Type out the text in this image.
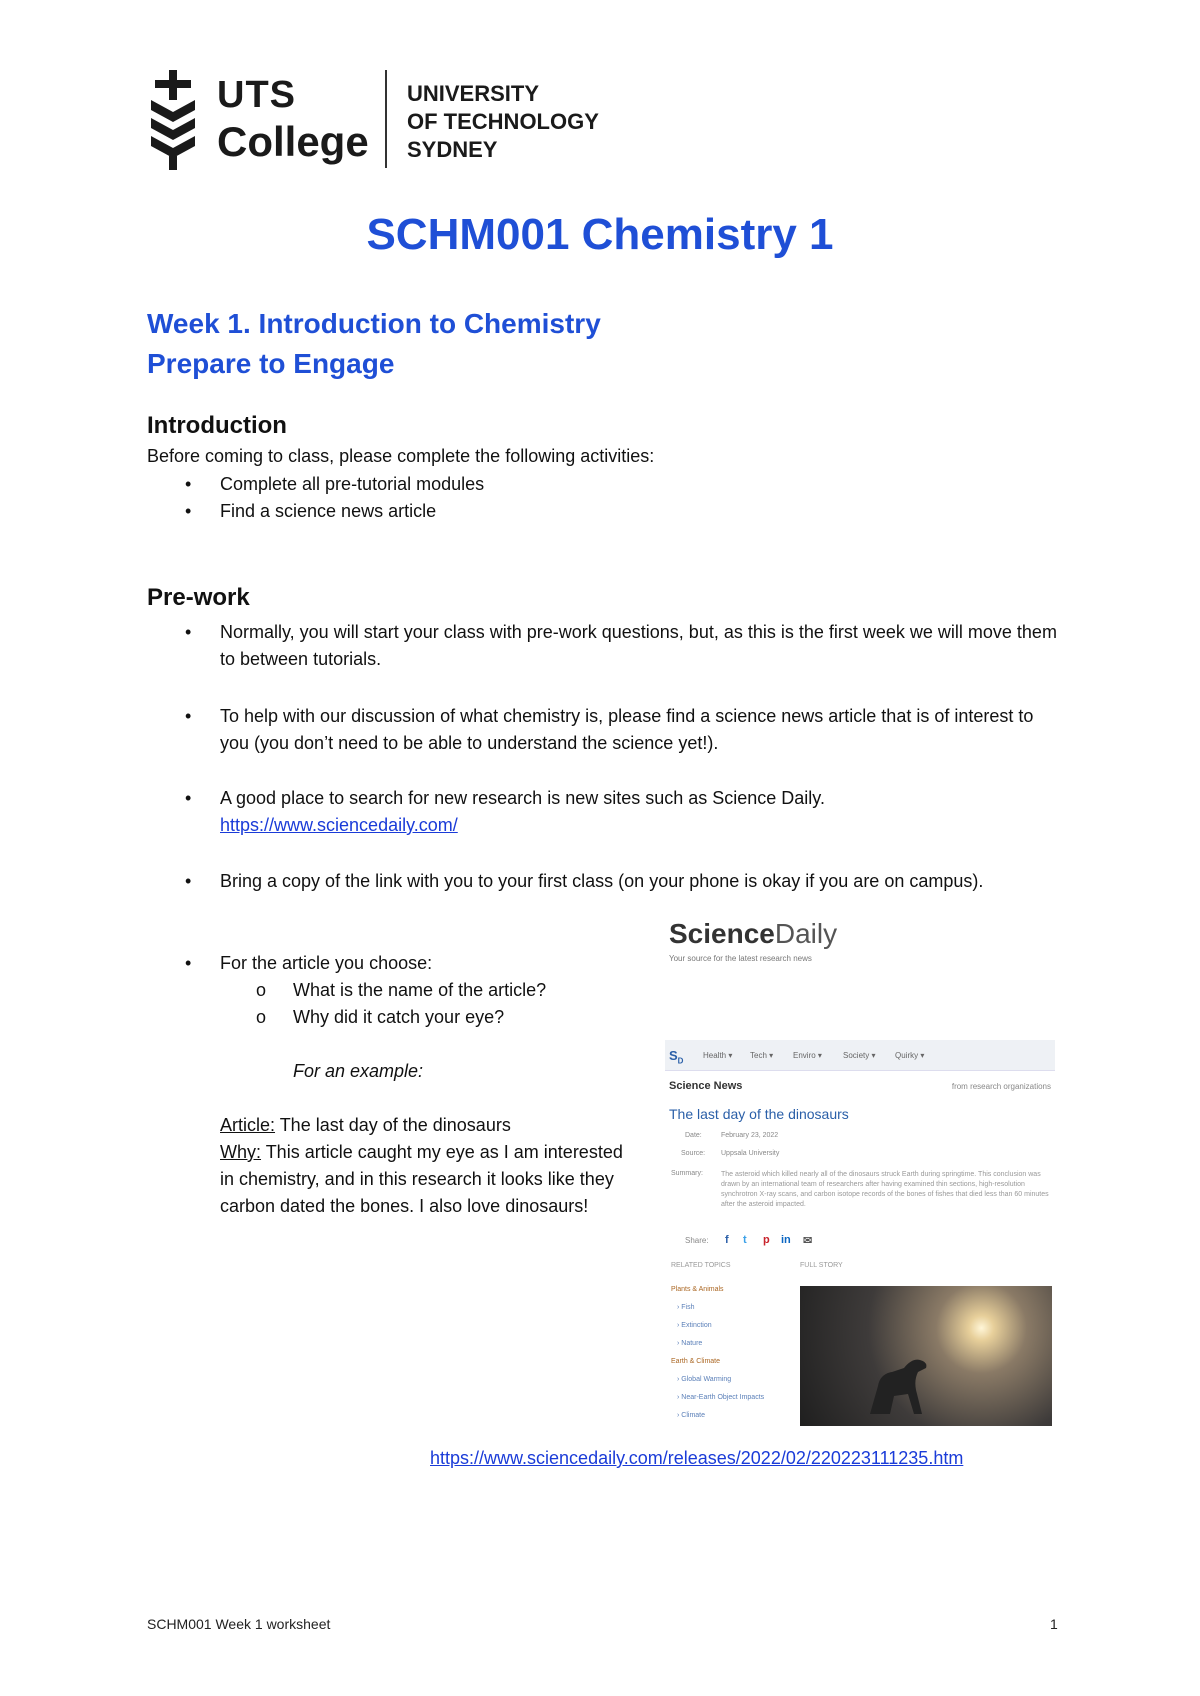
UTS
College
UNIVERSITY
OF TECHNOLOGY
SYDNEY
SCHM001 Chemistry 1
Week 1. Introduction to Chemistry
Prepare to Engage
Introduction
Before coming to class, please complete the following activities:
• Complete all pre-tutorial modules
• Find a science news article
Pre-work
• Normally, you will start your class with pre-work questions, but, as this is the first week we will move them to between tutorials.
• To help with our discussion of what chemistry is, please find a science news article that is of interest to you (you don’t need to be able to understand the science yet!).
• A good place to search for new research is new sites such as Science Daily.
https://www.sciencedaily.com/
• Bring a copy of the link with you to your first class (on your phone is okay if you are on campus).
• For the article you choose:
o What is the name of the article?
o Why did it catch your eye?
For an example:
Article: The last day of the dinosaurs
Why: This article caught my eye as I am interested in chemistry, and in this research it looks like they carbon dated the bones. I also love dinosaurs!
ScienceDaily
Your source for the latest research news
$S_D$
Health ▾ Tech ▾ Enviro ▾	Society ▾ Quirky ▾
Science News	from research organizations
The last day of the dinosaurs
Date:	February 23, 2022
Source: Uppsala University
Summary:	The asteroid which killed nearly all of the dinosaurs struck Earth during springtime. This conclusion was drawn by an international team of researchers after having examined thin sections, high-resolution synchrotron X-ray scans, and carbon isotope records of the bones of fishes that died less than 60 minutes after the asteroid impacted.
Share: f t p in ✉
RELATED TOPICS	FULL STORY
Plants & Animals
› Fish
› Extinction
› Nature
Earth & Climate
› Global Warming
› Near-Earth Object Impacts
› Climate
https://www.sciencedaily.com/releases/2022/02/220223111235.htm
SCHM001 Week 1 worksheet	1
